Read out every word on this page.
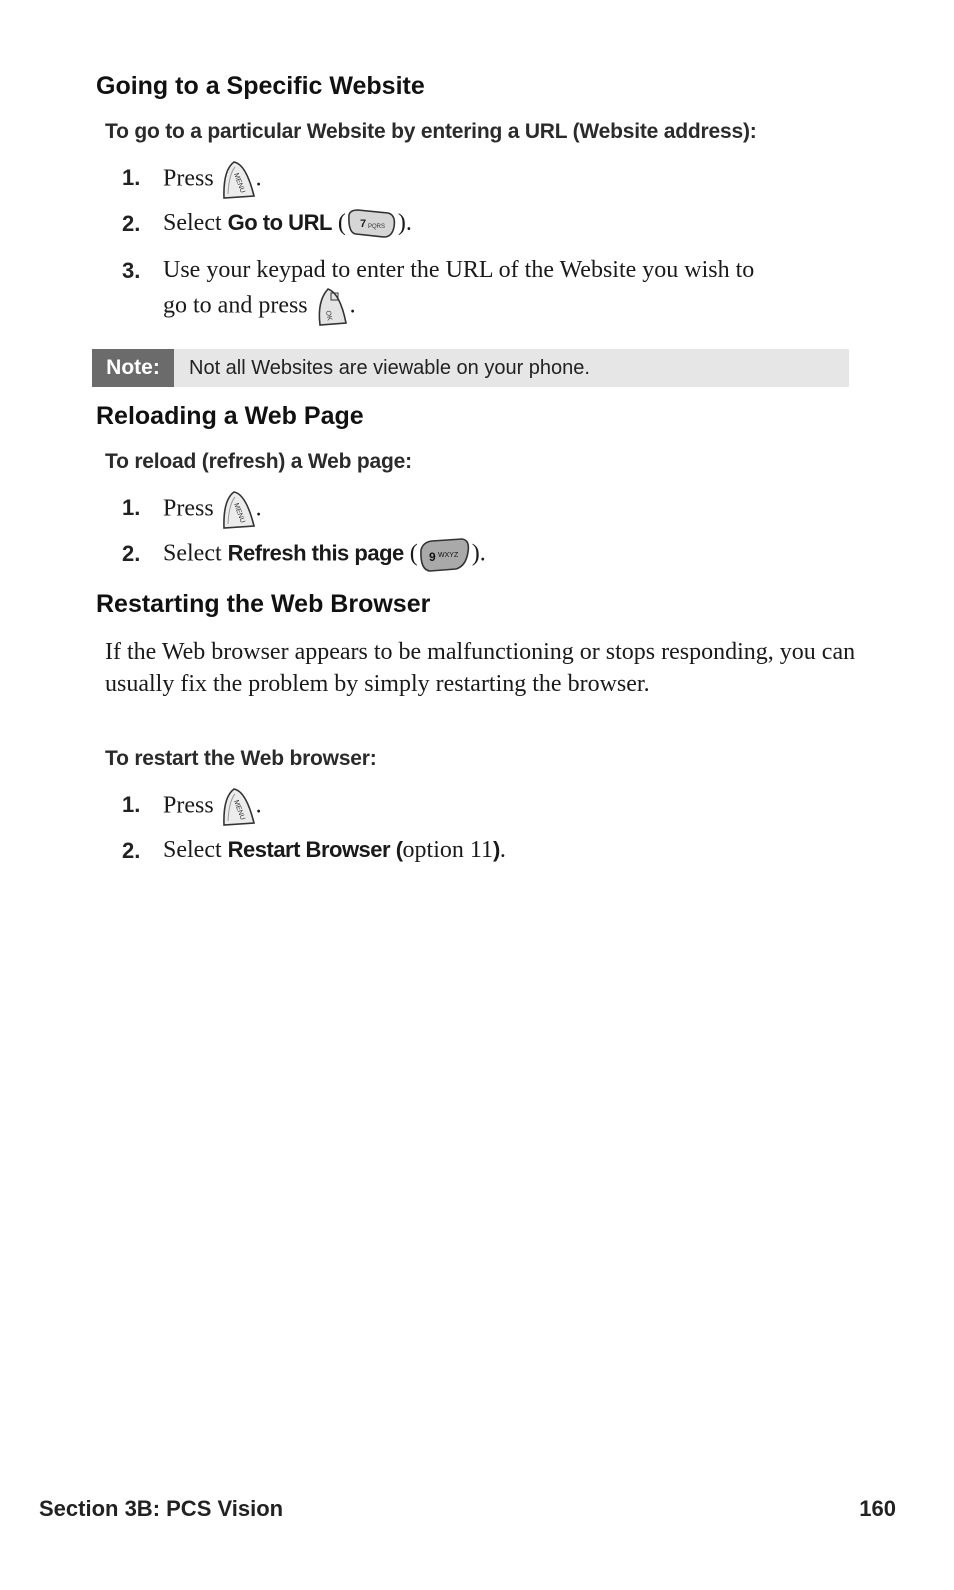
Going to a Specific Website
To go to a particular Website by entering a URL (Website address):
1. Press	MENU .
2. Select Go to URL ( 7 PQRS ).
3. Use your keypad to enter the URL of the Website you wish to
go to and press OK .
Note:	Not all Websites are viewable on your phone.
Reloading a Web Page
To reload (refresh) a Web page:
1. Press	MENU .
2. Select Refresh this page ( 9 WXYZ ).
Restarting the Web Browser
If the Web browser appears to be malfunctioning or stops responding, you can usually fix the problem by simply restarting the browser.
To restart the Web browser:
1. Press	MENU .
2. Select Restart Browser (option 11).
Section 3B: PCS Vision	160
